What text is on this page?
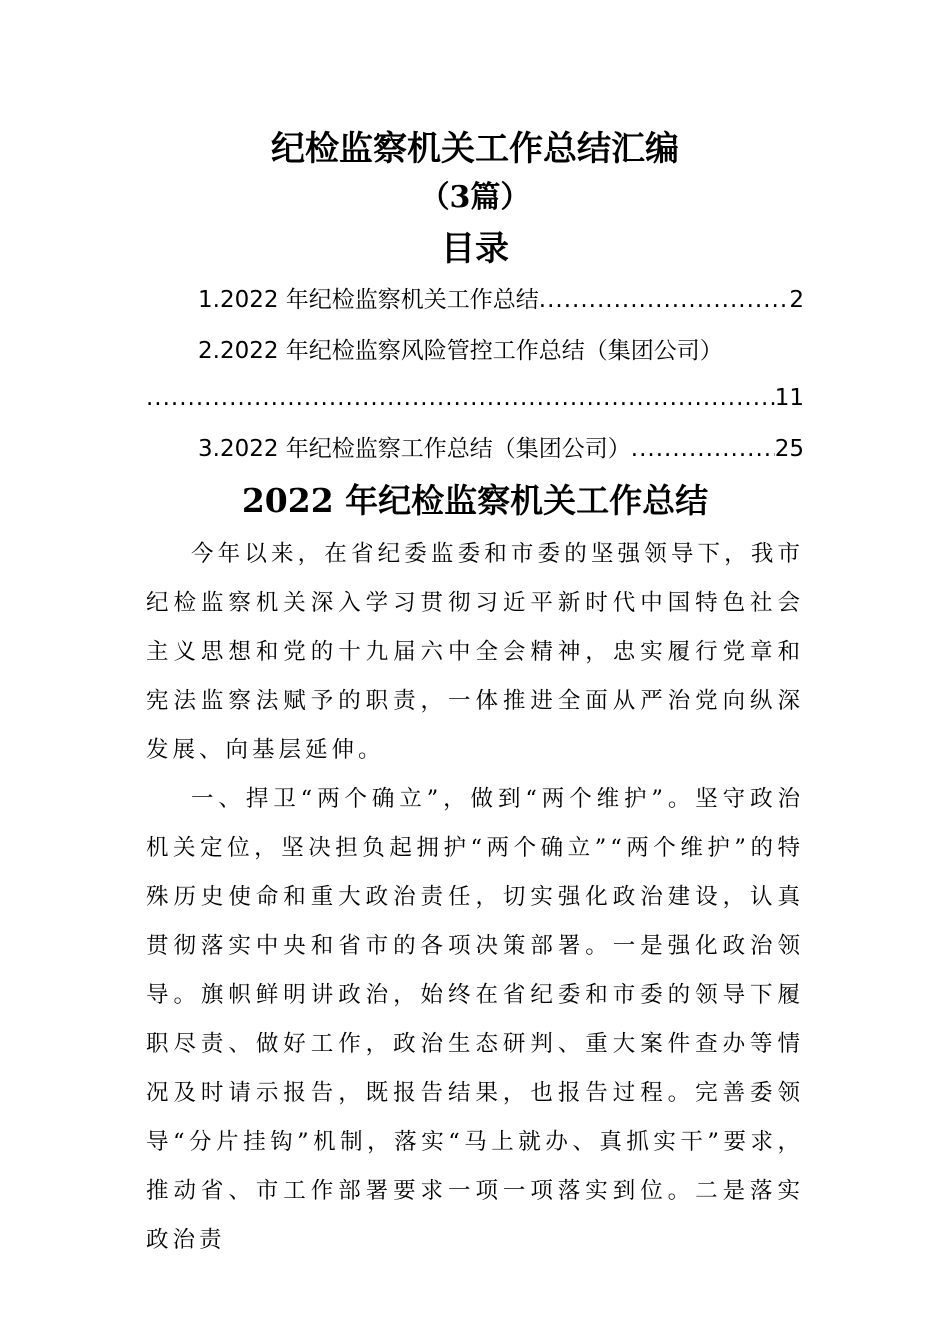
纪检监察机关工作总结汇编
（3篇）
目录
1.2022 年纪检监察机关工作总结 .....	2
2.2022 年纪检监察风险管控工作总结（集团公司）
.....
11
3.2022 年纪检监察工作总结（集团公司） .....	25
2022 年纪检监察机关工作总结

今年以来，在省纪委监委和市委的坚强领导下，我市纪检监察机关深入学习贯彻习近平新时代中国特色社会主义思想和党的十九届六中全会精神，忠实履行党章和宪法监察法赋予的职责，一体推进全面从严治党向纵深发展、向基层延伸。

一、捍卫“两个确立”，做到“两个维护”。坚守政治机关定位，坚决担负起拥护“两个确立”“两个维护”的特殊历史使命和重大政治责任，切实强化政治建设，认真贯彻落实中央和省市的各项决策部署。一是强化政治领导。旗帜鲜明讲政治，始终在省纪委和市委的领导下履职尽责、做好工作，政治生态研判、重大案件查办等情况及时请示报告，既报告结果，也报告过程。完善委领导“分片挂钩”机制，落实“马上就办、真抓实干”要求，推动省、市工作部署要求一项一项落实到位。二是落实政治责
